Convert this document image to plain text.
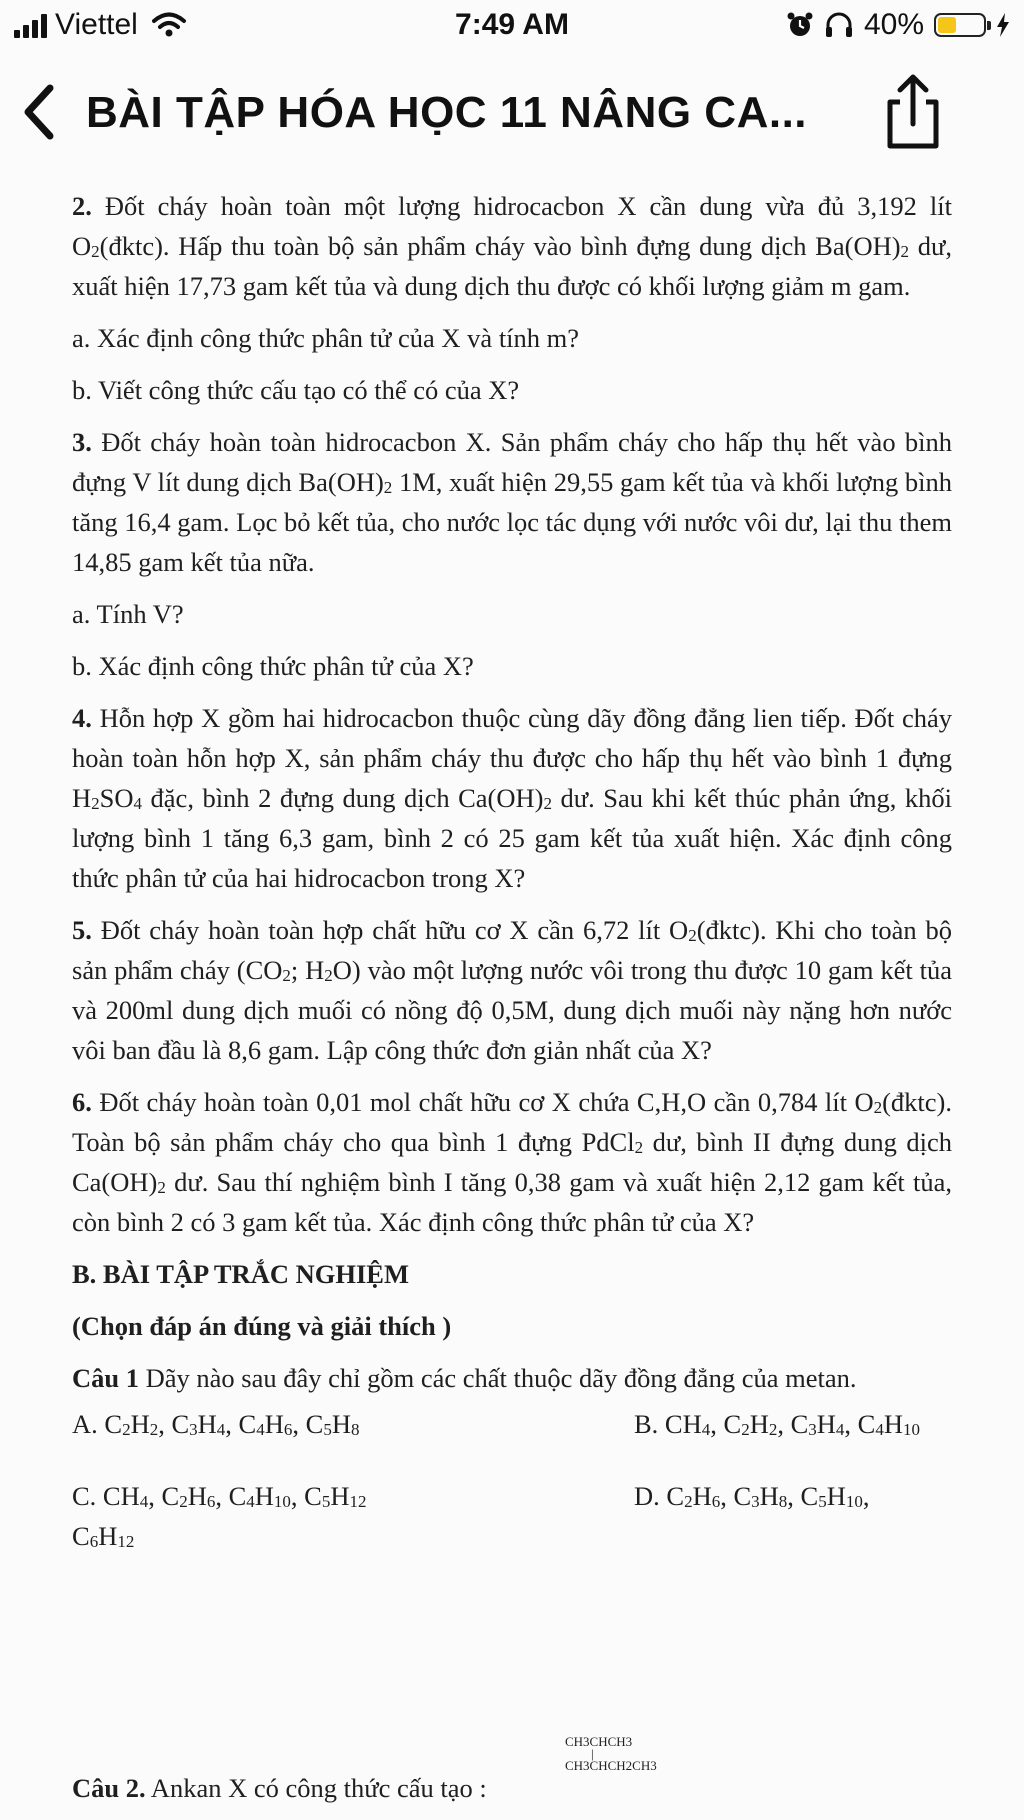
Viettel	7:49 AM	40%
BÀI TẬP HÓA HỌC 11 NÂNG CA...

2. Đốt cháy hoàn toàn một lượng hidrocacbon X cần dung vừa đủ 3,192 lít $O_2(đktc)$. Hấp thu toàn bộ sản phẩm cháy vào bình đựng dung dịch $Ba(OH)_2$ dư, xuất hiện 17,73 gam kết tủa và dung dịch thu được có khối lượng giảm m gam.

a. Xác định công thức phân tử của X và tính m?

b. Viết công thức cấu tạo có thể có của X?

3. Đốt cháy hoàn toàn hidrocacbon X. Sản phẩm cháy cho hấp thụ hết vào bình đựng V lít dung dịch $Ba(OH)_2$ 1M, xuất hiện 29,55 gam kết tủa và khối lượng bình tăng 16,4 gam. Lọc bỏ kết tủa, cho nước lọc tác dụng với nước vôi dư, lại thu them 14,85 gam kết tủa nữa.

a. Tính V?

b. Xác định công thức phân tử của X?

4. Hỗn hợp X gồm hai hidrocacbon thuộc cùng dãy đồng đẳng lien tiếp. Đốt cháy hoàn toàn hỗn hợp X, sản phẩm cháy thu được cho hấp thụ hết vào bình 1 đựng $H_2SO_4$ đặc, bình 2 đựng dung dịch $Ca(OH)_2$ dư. Sau khi kết thúc phản ứng, khối lượng bình 1 tăng 6,3 gam, bình 2 có 25 gam kết tủa xuất hiện. Xác định công thức phân tử của hai hidrocacbon trong X?

5. Đốt cháy hoàn toàn hợp chất hữu cơ X cần 6,72 lít $O_2(đktc)$. Khi cho toàn bộ sản phẩm cháy ($CO_2$; $H_2O$) vào một lượng nước vôi trong thu được 10 gam kết tủa và 200ml dung dịch muối có nồng độ 0,5M, dung dịch muối này nặng hơn nước vôi ban đầu là 8,6 gam. Lập công thức đơn giản nhất của X?

6. Đốt cháy hoàn toàn 0,01 mol chất hữu cơ X chứa C,H,O cần 0,784 lít $O_2(đktc)$. Toàn bộ sản phẩm cháy cho qua bình 1 đựng PdCl$_2$ dư, bình II đựng dung dịch $Ca(OH)_2$ dư. Sau thí nghiệm bình I tăng 0,38 gam và xuất hiện 2,12 gam kết tủa, còn bình 2 có 3 gam kết tủa. Xác định công thức phân tử của X?

B. BÀI TẬP TRẮC NGHIỆM

(Chọn đáp án đúng và giải thích )

Câu 1 Dãy nào sau đây chỉ gồm các chất thuộc dãy đồng đẳng của metan.

A. $C_2H_2$, $C_3H_4$, $C_4H_6$, $C_5H_8$	B. $CH_4$, $C_2H_2$, $C_3H_4$, $C_4H_{10}$
C. $CH_4$, $C_2H_6$, $C_4H_{10}$, $C_5H_{12}$	D. $C_2H_6$, $C_3H_8$, $C_5H_{10}$,
$C_6H_{12}$
Câu 2. Ankan X có công thức cấu tạo :
CH3CHCH3
|
CH3CHCH2CH3
